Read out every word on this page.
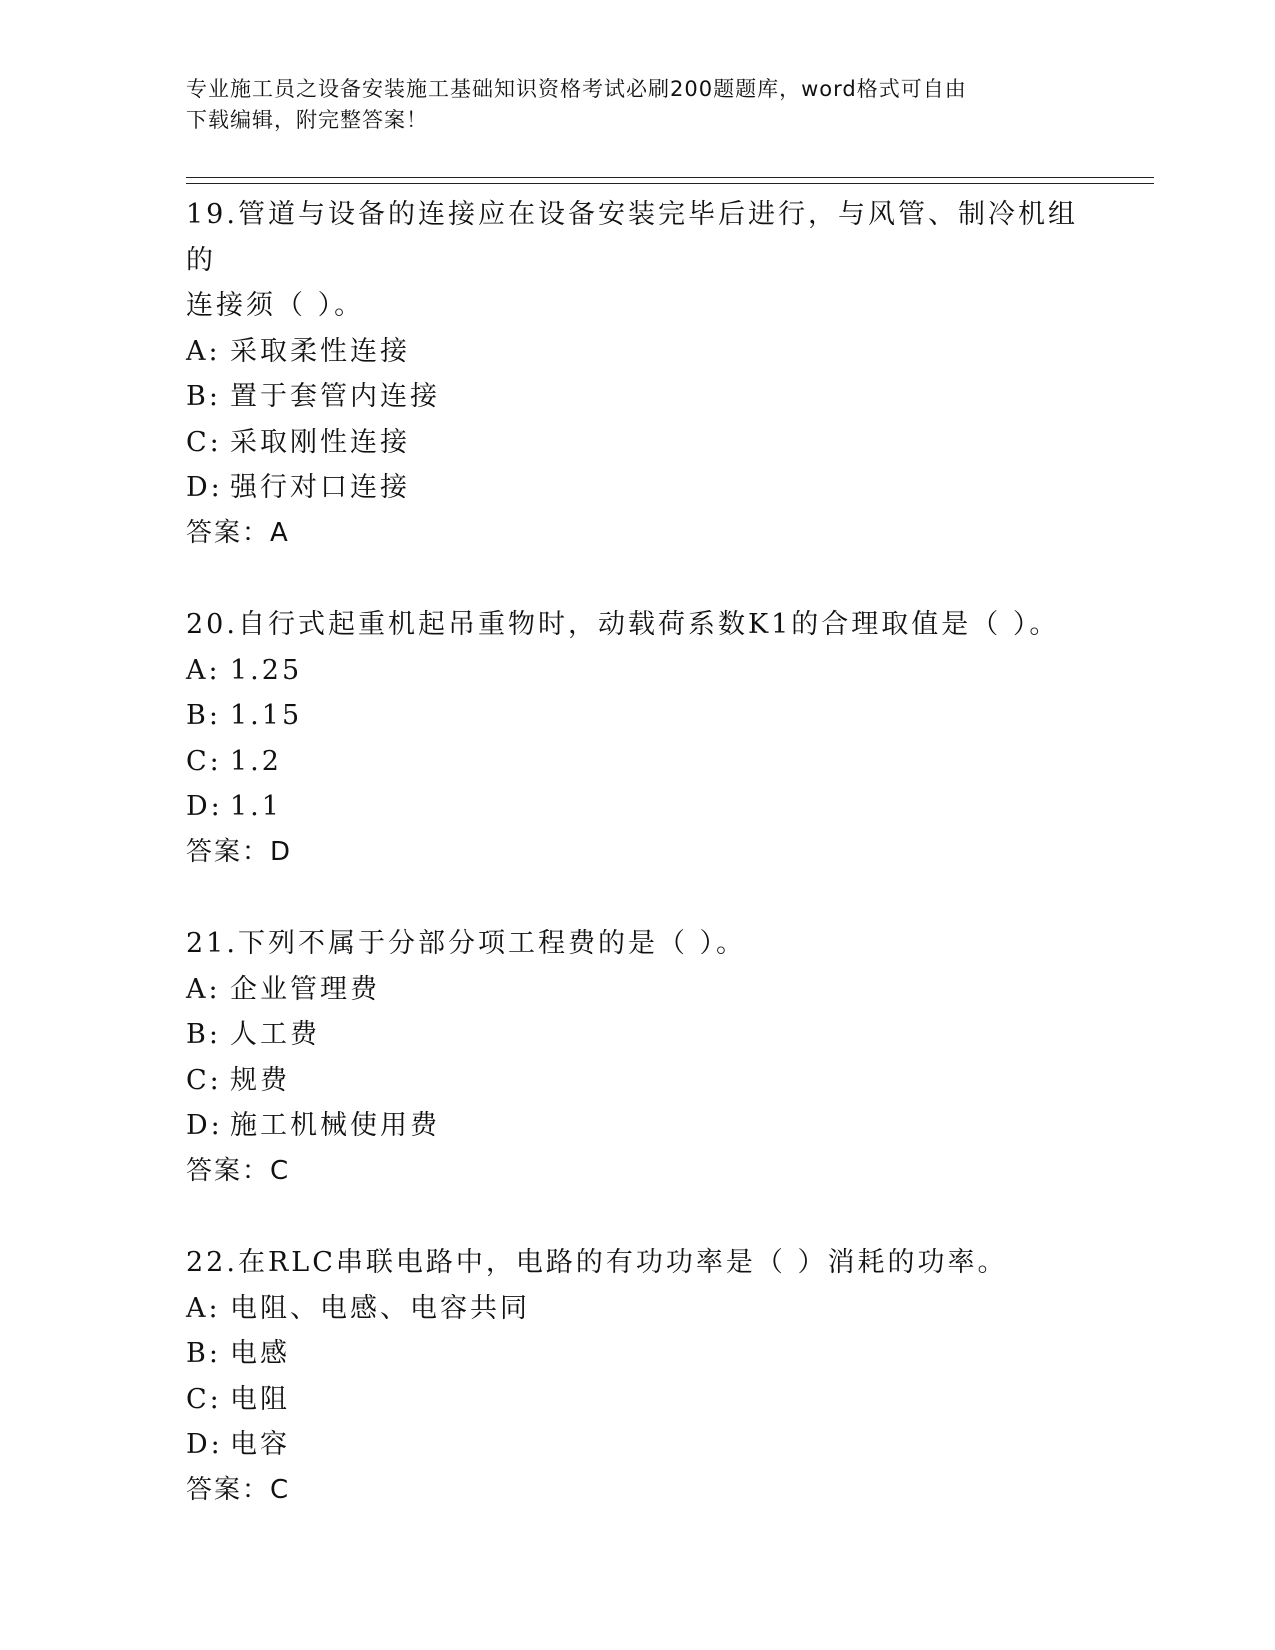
专业施工员之设备安装施工基础知识资格考试必刷200题题库，word格式可自由
下载编辑，附完整答案！
19.管道与设备的连接应在设备安装完毕后进行，与风管、制冷机组的
连接须（ ）。
A: 采取柔性连接
B: 置于套管内连接
C: 采取刚性连接
D: 强行对口连接
答案：A
20.自行式起重机起吊重物时，动载荷系数K1的合理取值是（ ）。
A: 1.25
B: 1.15
C: 1.2
D: 1.1
答案：D
21.下列不属于分部分项工程费的是（ ）。
A: 企业管理费
B: 人工费
C: 规费
D: 施工机械使用费
答案：C
22.在RLC串联电路中，电路的有功功率是（ ）消耗的功率。
A: 电阻、电感、电容共同
B: 电感
C: 电阻
D: 电容
答案：C
